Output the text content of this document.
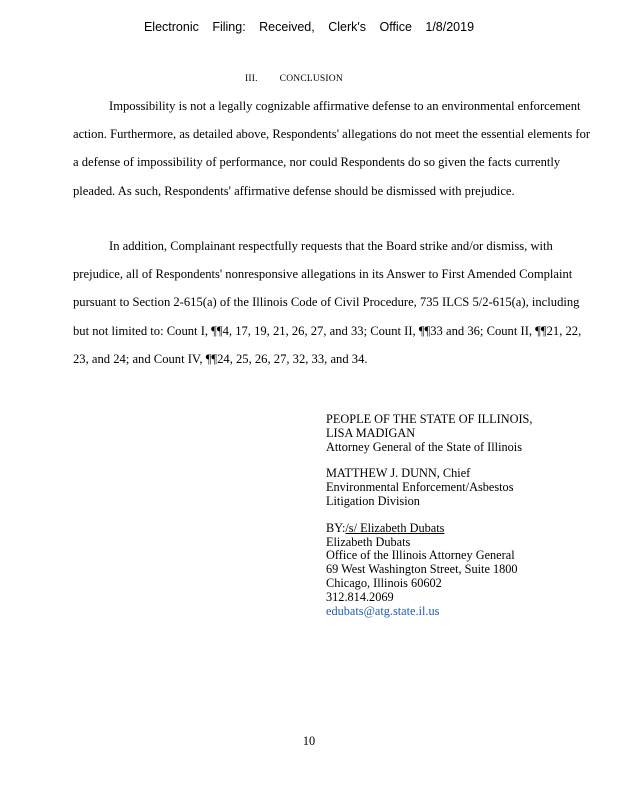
Electronic Filing: Received, Clerk's Office 1/8/2019
III. CONCLUSION

Impossibility is not a legally cognizable affirmative defense to an environmental enforcement action. Furthermore, as detailed above, Respondents' allegations do not meet the essential elements for a defense of impossibility of performance, nor could Respondents do so given the facts currently pleaded. As such, Respondents' affirmative defense should be dismissed with prejudice.

In addition, Complainant respectfully requests that the Board strike and/or dismiss, with prejudice, all of Respondents' nonresponsive allegations in its Answer to First Amended Complaint pursuant to Section 2-615(a) of the Illinois Code of Civil Procedure, 735 ILCS 5/2-615(a), including but not limited to: Count I, ¶¶4, 17, 19, 21, 26, 27, and 33; Count II, ¶¶33 and 36; Count II, ¶¶21, 22, 23, and 24; and Count IV, ¶¶24, 25, 26, 27, 32, 33, and 34.

PEOPLE OF THE STATE OF ILLINOIS,
LISA MADIGAN
Attorney General of the State of Illinois
MATTHEW J. DUNN, Chief
Environmental Enforcement/Asbestos
Litigation Division
BY:/s/ Elizabeth Dubats
Elizabeth Dubats
Office of the Illinois Attorney General
69 West Washington Street, Suite 1800
Chicago, Illinois 60602
312.814.2069
edubats@atg.state.il.us
10
